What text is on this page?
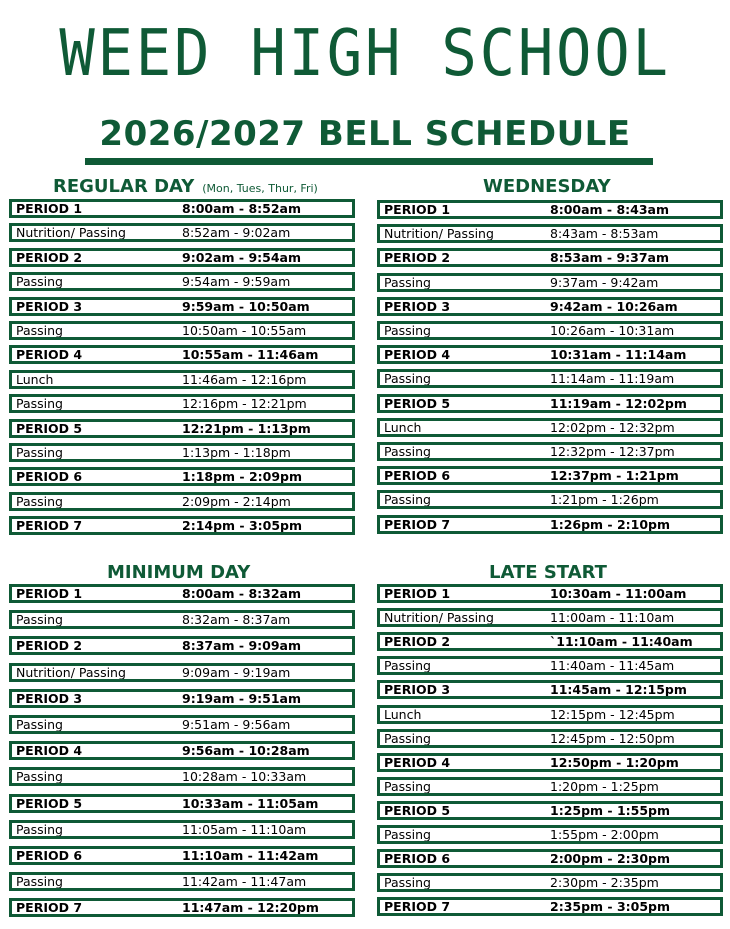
WEED HIGH SCHOOL
2026/2027 BELL SCHEDULE
REGULAR DAY (Mon, Tues, Thur, Fri)
PERIOD 1	8:00am - 8:52am
Nutrition/ Passing	8:52am - 9:02am
PERIOD 2	9:02am - 9:54am
Passing	9:54am - 9:59am
PERIOD 3	9:59am - 10:50am
Passing	10:50am - 10:55am
PERIOD 4	10:55am - 11:46am
Lunch	11:46am - 12:16pm
Passing	12:16pm - 12:21pm
PERIOD 5	12:21pm - 1:13pm
Passing	1:13pm - 1:18pm
PERIOD 6	1:18pm - 2:09pm
Passing	2:09pm - 2:14pm
PERIOD 7	2:14pm - 3:05pm
WEDNESDAY
PERIOD 1	8:00am - 8:43am
Nutrition/ Passing	8:43am - 8:53am
PERIOD 2	8:53am - 9:37am
Passing	9:37am - 9:42am
PERIOD 3	9:42am - 10:26am
Passing	10:26am - 10:31am
PERIOD 4	10:31am - 11:14am
Passing	11:14am - 11:19am
PERIOD 5	11:19am - 12:02pm
Lunch	12:02pm - 12:32pm
Passing	12:32pm - 12:37pm
PERIOD 6	12:37pm - 1:21pm
Passing	1:21pm - 1:26pm
PERIOD 7	1:26pm - 2:10pm
MINIMUM DAY
PERIOD 1	8:00am - 8:32am
Passing	8:32am - 8:37am
PERIOD 2	8:37am - 9:09am
Nutrition/ Passing	9:09am - 9:19am
PERIOD 3	9:19am - 9:51am
Passing	9:51am - 9:56am
PERIOD 4	9:56am - 10:28am
Passing	10:28am - 10:33am
PERIOD 5	10:33am - 11:05am
Passing	11:05am - 11:10am
PERIOD 6	11:10am - 11:42am
Passing	11:42am - 11:47am
PERIOD 7	11:47am - 12:20pm
LATE START
PERIOD 1	10:30am - 11:00am
Nutrition/ Passing	11:00am - 11:10am
PERIOD 2	`11:10am - 11:40am
Passing	11:40am - 11:45am
PERIOD 3	11:45am - 12:15pm
Lunch	12:15pm - 12:45pm
Passing	12:45pm - 12:50pm
PERIOD 4	12:50pm - 1:20pm
Passing	1:20pm - 1:25pm
PERIOD 5	1:25pm - 1:55pm
Passing	1:55pm - 2:00pm
PERIOD 6	2:00pm - 2:30pm
Passing	2:30pm - 2:35pm
PERIOD 7	2:35pm - 3:05pm
